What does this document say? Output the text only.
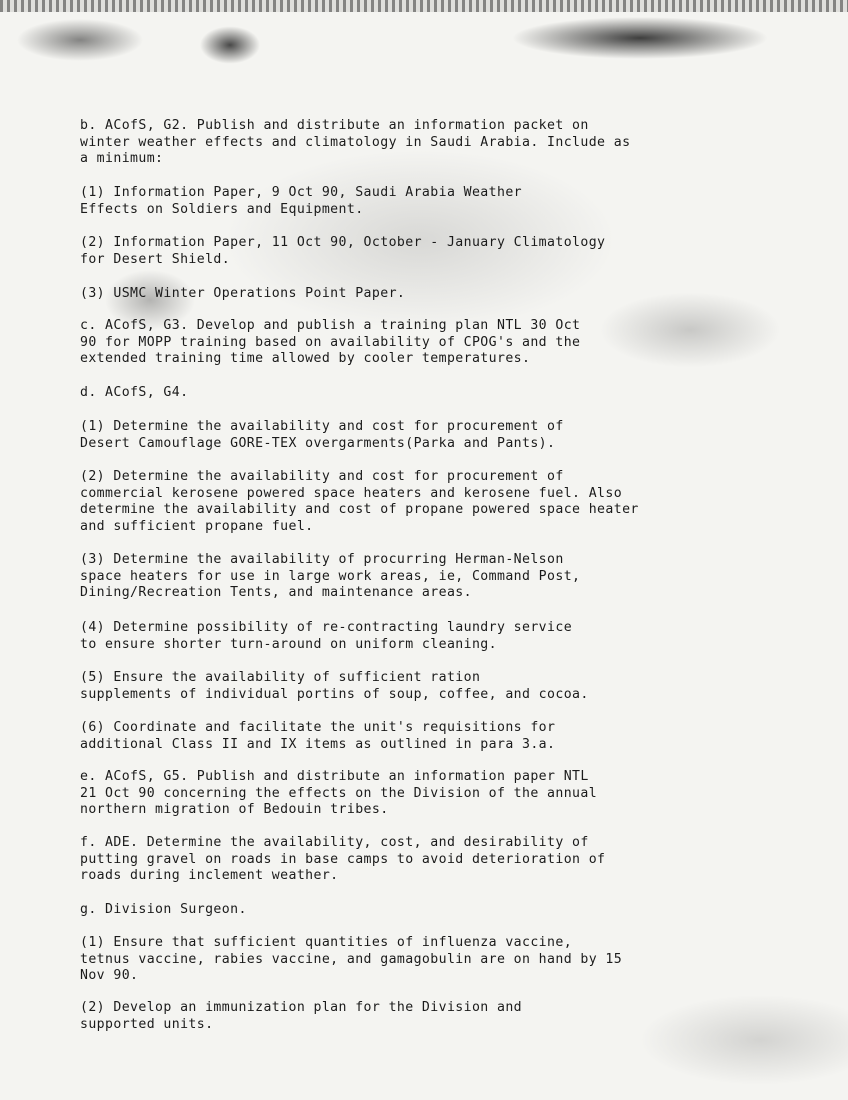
b. ACofS, G2. Publish and distribute an information packet on
winter weather effects and climatology in Saudi Arabia. Include as
a minimum:
(1) Information Paper, 9 Oct 90, Saudi Arabia Weather
Effects on Soldiers and Equipment.
(2) Information Paper, 11 Oct 90, October - January Climatology
for Desert Shield.
(3) USMC Winter Operations Point Paper.
c. ACofS, G3. Develop and publish a training plan NTL 30 Oct
90 for MOPP training based on availability of CPOG's and the
extended training time allowed by cooler temperatures.
d. ACofS, G4.
(1) Determine the availability and cost for procurement of
Desert Camouflage GORE-TEX overgarments(Parka and Pants).
(2) Determine the availability and cost for procurement of
commercial kerosene powered space heaters and kerosene fuel. Also
determine the availability and cost of propane powered space heater
and sufficient propane fuel.
(3) Determine the availability of procurring Herman-Nelson
space heaters for use in large work areas, ie, Command Post,
Dining/Recreation Tents, and maintenance areas.
(4) Determine possibility of re-contracting laundry service
to ensure shorter turn-around on uniform cleaning.
(5) Ensure the availability of sufficient ration
supplements of individual portins of soup, coffee, and cocoa.
(6) Coordinate and facilitate the unit's requisitions for
additional Class II and IX items as outlined in para 3.a.
e. ACofS, G5. Publish and distribute an information paper NTL
21 Oct 90 concerning the effects on the Division of the annual
northern migration of Bedouin tribes.
f. ADE. Determine the availability, cost, and desirability of
putting gravel on roads in base camps to avoid deterioration of
roads during inclement weather.
g. Division Surgeon.
(1) Ensure that sufficient quantities of influenza vaccine,
tetnus vaccine, rabies vaccine, and gamagobulin are on hand by 15
Nov 90.
(2) Develop an immunization plan for the Division and
supported units.
